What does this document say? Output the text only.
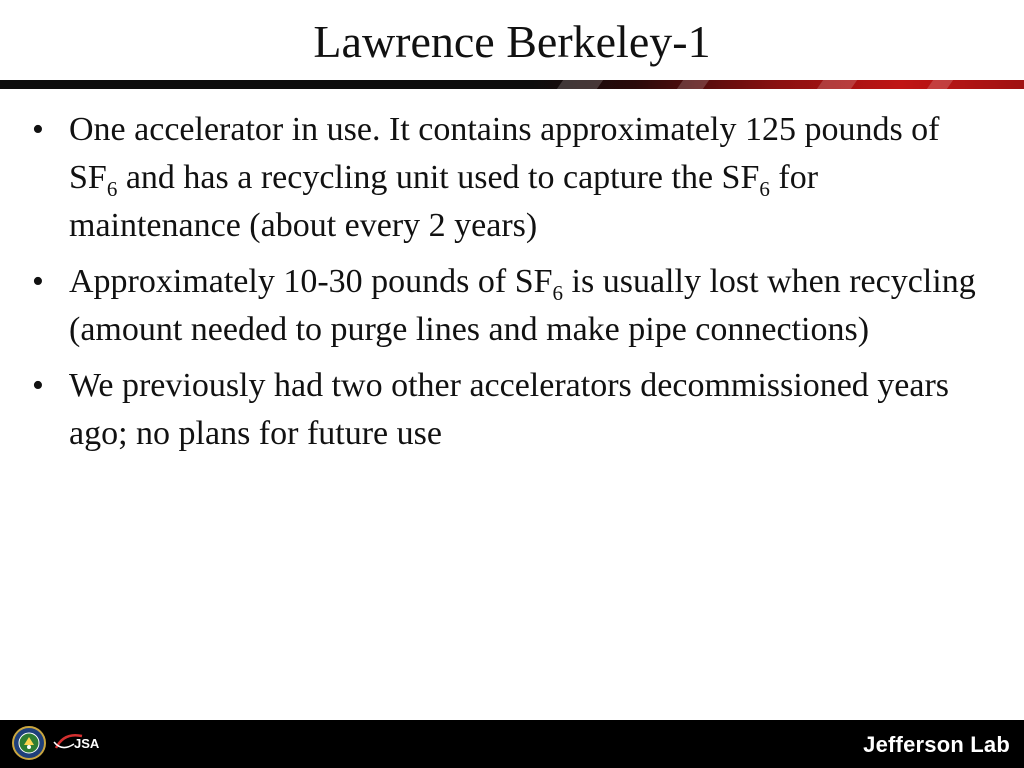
Lawrence Berkeley-1
• One accelerator in use. It contains approximately 125 pounds of $SF_6$ and has a recycling unit used to capture the $SF_6$ for maintenance (about every 2 years)
• Approximately 10-30 pounds of $SF_6$ is usually lost when recycling (amount needed to purge lines and make pipe connections)
• We previously had two other accelerators decommissioned years ago; no plans for future use
JSA	Jefferson Lab
